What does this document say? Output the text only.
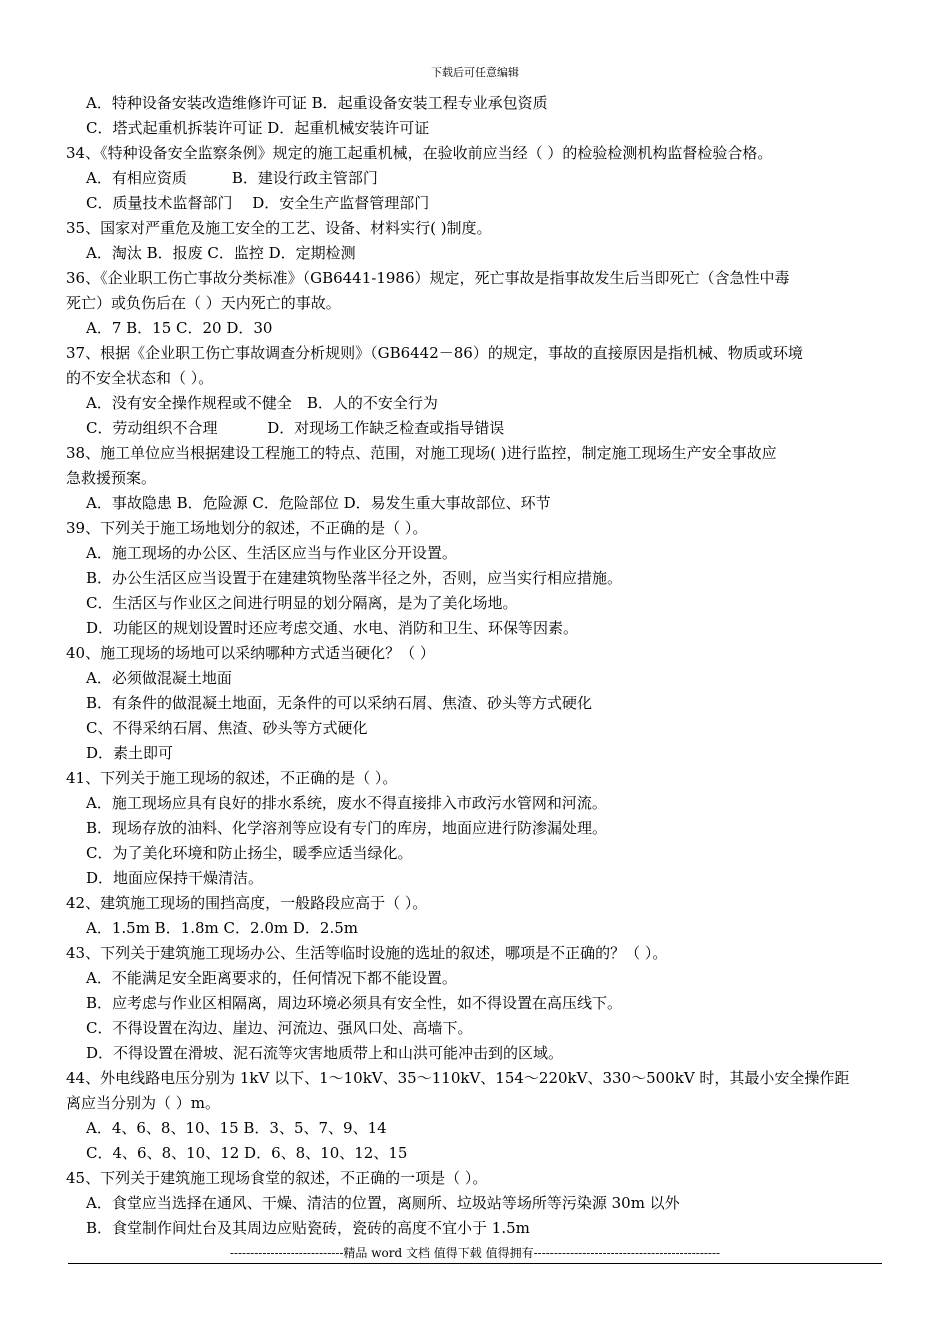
下载后可任意编辑
A．特种设备安装改造维修许可证 B．起重设备安装工程专业承包资质
C．塔式起重机拆装许可证 D．起重机械安装许可证
34、《特种设备安全监察条例》规定的施工起重机械，在验收前应当经（ ）的检验检测机构监督检验合格。
A．有相应资质　　　B．建设行政主管部门
C．质量技术监督部门　 D．安全生产监督管理部门
35、国家对严重危及施工安全的工艺、设备、材料实行( )制度。
A．淘汰 B．报废 C．监控 D．定期检测
36、《企业职工伤亡事故分类标准》（GB6441-1986）规定，死亡事故是指事故发生后当即死亡（含急性中毒
死亡）或负伤后在（ ）天内死亡的事故。
A．7 B．15 C．20 D．30
37、根据《企业职工伤亡事故调查分析规则》（GB6442－86）的规定，事故的直接原因是指机械、物质或环境
的不安全状态和（ ）。
A．没有安全操作规程或不健全　B．人的不安全行为
C．劳动组织不合理　　　 D．对现场工作缺乏检查或指导错误
38、施工单位应当根据建设工程施工的特点、范围，对施工现场( )进行监控，制定施工现场生产安全事故应
急救援预案。
A．事故隐患 B．危险源 C．危险部位 D．易发生重大事故部位、环节
39、下列关于施工场地划分的叙述，不正确的是（ ）。
A．施工现场的办公区、生活区应当与作业区分开设置。
B．办公生活区应当设置于在建建筑物坠落半径之外，否则，应当实行相应措施。
C．生活区与作业区之间进行明显的划分隔离，是为了美化场地。
D．功能区的规划设置时还应考虑交通、水电、消防和卫生、环保等因素。
40、施工现场的场地可以采纳哪种方式适当硬化？（ ）
A．必须做混凝土地面
B．有条件的做混凝土地面，无条件的可以采纳石屑、焦渣、砂头等方式硬化
C、不得采纳石屑、焦渣、砂头等方式硬化
D．素土即可
41、下列关于施工现场的叙述，不正确的是（ ）。
A．施工现场应具有良好的排水系统，废水不得直接排入市政污水管网和河流。
B．现场存放的油料、化学溶剂等应设有专门的库房，地面应进行防渗漏处理。
C．为了美化环境和防止扬尘，暖季应适当绿化。
D．地面应保持干燥清洁。
42、建筑施工现场的围挡高度，一般路段应高于（ ）。
A．1.5m B．1.8m C．2.0m D．2.5m
43、下列关于建筑施工现场办公、生活等临时设施的选址的叙述，哪项是不正确的？（ ）。
A．不能满足安全距离要求的，任何情况下都不能设置。
B．应考虑与作业区相隔离，周边环境必须具有安全性，如不得设置在高压线下。
C．不得设置在沟边、崖边、河流边、强风口处、高墙下。
D．不得设置在滑坡、泥石流等灾害地质带上和山洪可能冲击到的区域。
44、外电线路电压分别为 1kV 以下、1～10kV、35～110kV、154～220kV、330～500kV 时，其最小安全操作距
离应当分别为（ ）m。
A．4、6、8、10、15 B．3、5、7、9、14
C．4、6、8、10、12 D．6、8、10、12、15
45、下列关于建筑施工现场食堂的叙述，不正确的一项是（ ）。
A．食堂应当选择在通风、干燥、清洁的位置，离厕所、垃圾站等场所等污染源 30m 以外
B．食堂制作间灶台及其周边应贴瓷砖，瓷砖的高度不宜小于 1.5m
----------------------------精品 word 文档 值得下载 值得拥有----------------------------------------------
